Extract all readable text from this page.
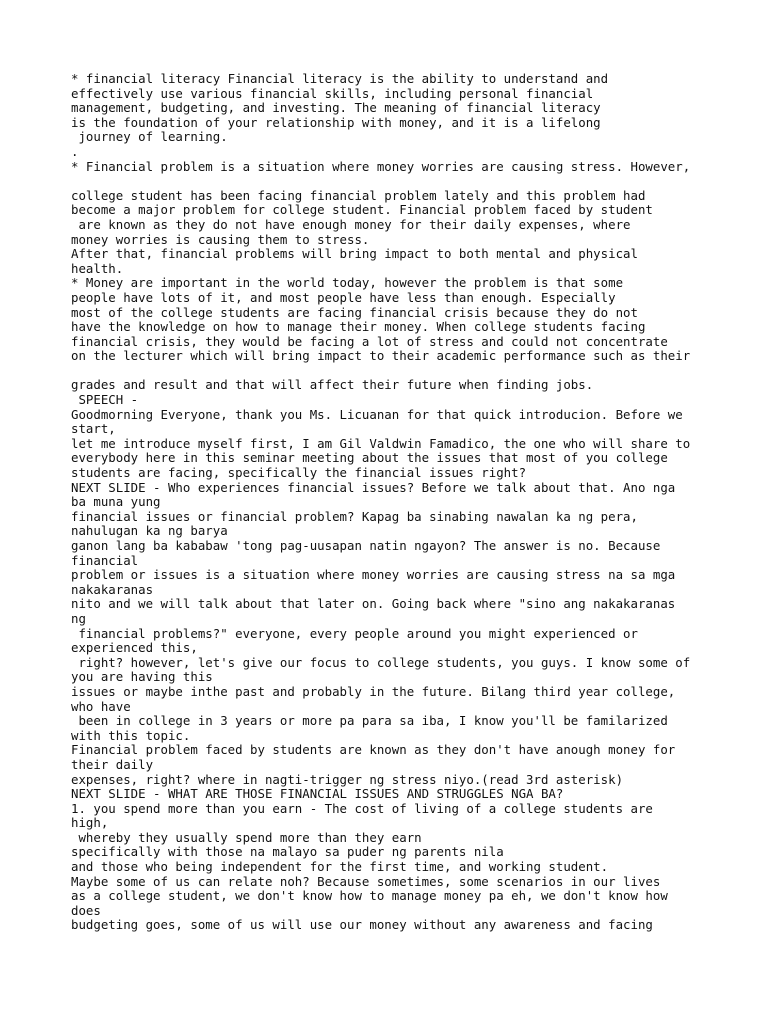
* financial literacy Financial literacy is the ability to understand and
effectively use various financial skills, including personal financial
management, budgeting, and investing. The meaning of financial literacy
is the foundation of your relationship with money, and it is a lifelong
journey of learning.
.
* Financial problem is a situation where money worries are causing stress. However,
college student has been facing financial problem lately and this problem had
become a major problem for college student. Financial problem faced by student
are known as they do not have enough money for their daily expenses, where
money worries is causing them to stress.
After that, financial problems will bring impact to both mental and physical
health.
* Money are important in the world today, however the problem is that some
people have lots of it, and most people have less than enough. Especially
most of the college students are facing financial crisis because they do not
have the knowledge on how to manage their money. When college students facing
financial crisis, they would be facing a lot of stress and could not concentrate
on the lecturer which will bring impact to their academic performance such as their
grades and result and that will affect their future when finding jobs.
SPEECH -
Goodmorning Everyone, thank you Ms. Licuanan for that quick introducion. Before we
start,
let me introduce myself first, I am Gil Valdwin Famadico, the one who will share to
everybody here in this seminar meeting about the issues that most of you college
students are facing, specifically the financial issues right?
NEXT SLIDE - Who experiences financial issues? Before we talk about that. Ano nga
ba muna yung
financial issues or financial problem? Kapag ba sinabing nawalan ka ng pera,
nahulugan ka ng barya
ganon lang ba kababaw 'tong pag-uusapan natin ngayon? The answer is no. Because
financial
problem or issues is a situation where money worries are causing stress na sa mga
nakakaranas
nito and we will talk about that later on. Going back where "sino ang nakakaranas
ng
financial problems?" everyone, every people around you might experienced or
experienced this,
right? however, let's give our focus to college students, you guys. I know some of
you are having this
issues or maybe inthe past and probably in the future. Bilang third year college,
who have
been in college in 3 years or more pa para sa iba, I know you'll be familarized
with this topic.
Financial problem faced by students are known as they don't have anough money for
their daily
expenses, right? where in nagti-trigger ng stress niyo.(read 3rd asterisk)
NEXT SLIDE - WHAT ARE THOSE FINANCIAL ISSUES AND STRUGGLES NGA BA?
1. you spend more than you earn - The cost of living of a college students are
high,
whereby they usually spend more than they earn
specifically with those na malayo sa puder ng parents nila
and those who being independent for the first time, and working student.
Maybe some of us can relate noh? Because sometimes, some scenarios in our lives
as a college student, we don't know how to manage money pa eh, we don't know how
does
budgeting goes, some of us will use our money without any awareness and facing
